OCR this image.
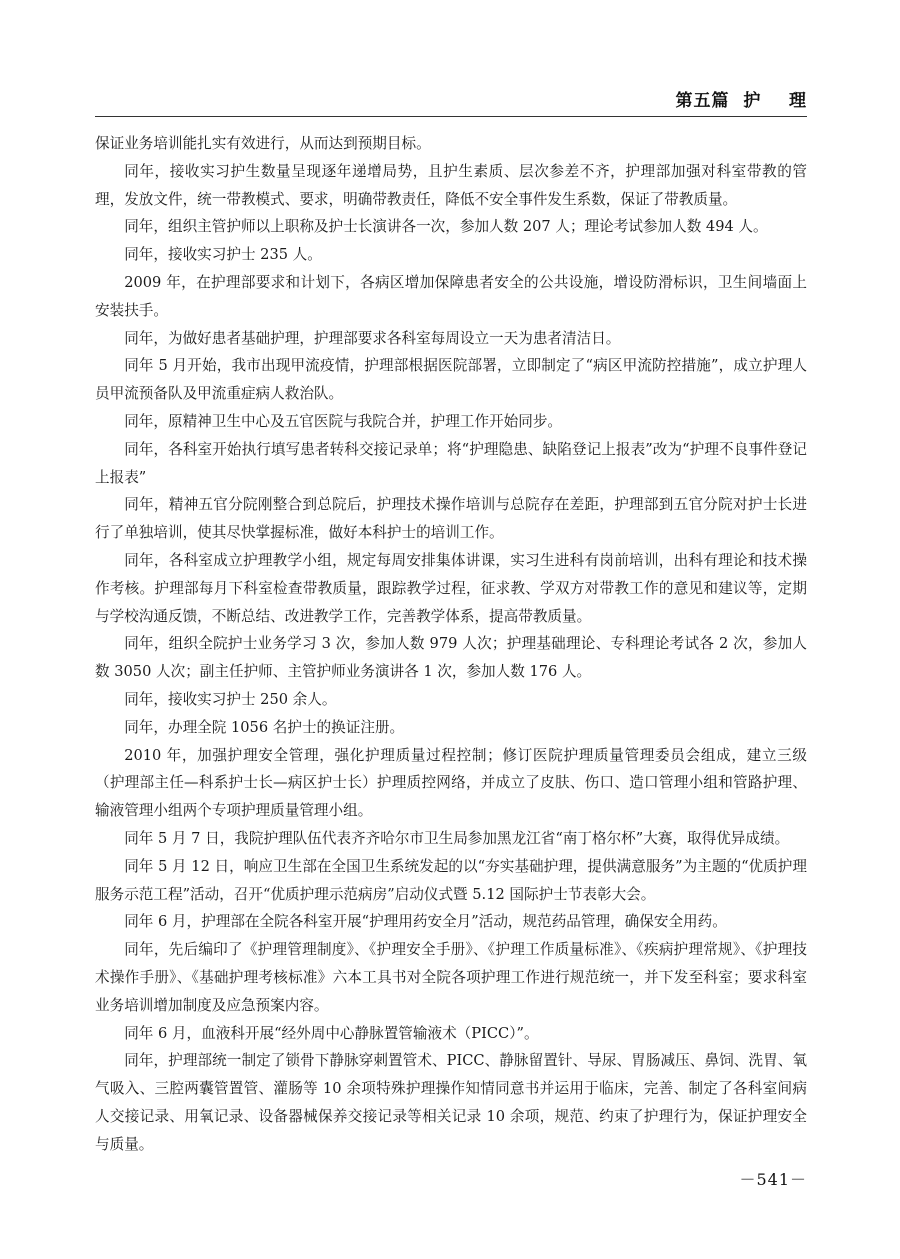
第五篇  护    理

保证业务培训能扎实有效进行，从而达到预期目标。

同年，接收实习护生数量呈现逐年递增局势，且护生素质、层次参差不齐，护理部加强对科室带教的管理，发放文件，统一带教模式、要求，明确带教责任，降低不安全事件发生系数，保证了带教质量。

同年，组织主管护师以上职称及护士长演讲各一次，参加人数 207 人；理论考试参加人数 494 人。

同年，接收实习护士 235 人。

2009 年，在护理部要求和计划下，各病区增加保障患者安全的公共设施，增设防滑标识，卫生间墙面上安装扶手。

同年，为做好患者基础护理，护理部要求各科室每周设立一天为患者清洁日。

同年 5 月开始，我市出现甲流疫情，护理部根据医院部署，立即制定了“病区甲流防控措施”，成立护理人员甲流预备队及甲流重症病人救治队。

同年，原精神卫生中心及五官医院与我院合并，护理工作开始同步。

同年，各科室开始执行填写患者转科交接记录单；将“护理隐患、缺陷登记上报表”改为“护理不良事件登记上报表”

同年，精神五官分院刚整合到总院后，护理技术操作培训与总院存在差距，护理部到五官分院对护士长进行了单独培训，使其尽快掌握标准，做好本科护士的培训工作。

同年，各科室成立护理教学小组，规定每周安排集体讲课，实习生进科有岗前培训，出科有理论和技术操作考核。护理部每月下科室检查带教质量，跟踪教学过程，征求教、学双方对带教工作的意见和建议等，定期与学校沟通反馈，不断总结、改进教学工作，完善教学体系，提高带教质量。

同年，组织全院护士业务学习 3 次，参加人数 979 人次；护理基础理论、专科理论考试各 2 次，参加人数 3050 人次；副主任护师、主管护师业务演讲各 1 次，参加人数 176 人。

同年，接收实习护士 250 余人。

同年，办理全院 1056 名护士的换证注册。

2010 年，加强护理安全管理，强化护理质量过程控制；修订医院护理质量管理委员会组成，建立三级（护理部主任—科系护士长—病区护士长）护理质控网络，并成立了皮肤、伤口、造口管理小组和管路护理、输液管理小组两个专项护理质量管理小组。

同年 5 月 7 日，我院护理队伍代表齐齐哈尔市卫生局参加黑龙江省“南丁格尔杯”大赛，取得优异成绩。

同年 5 月 12 日，响应卫生部在全国卫生系统发起的以“夯实基础护理，提供满意服务”为主题的“优质护理服务示范工程”活动，召开“优质护理示范病房”启动仪式暨 5.12 国际护士节表彰大会。

同年 6 月，护理部在全院各科室开展“护理用药安全月”活动，规范药品管理，确保安全用药。

同年，先后编印了《护理管理制度》、《护理安全手册》、《护理工作质量标准》、《疾病护理常规》、《护理技术操作手册》、《基础护理考核标准》六本工具书对全院各项护理工作进行规范统一，并下发至科室；要求科室业务培训增加制度及应急预案内容。

同年 6 月，血液科开展“经外周中心静脉置管输液术（PICC）”。

同年，护理部统一制定了锁骨下静脉穿刺置管术、PICC、静脉留置针、导尿、胃肠减压、鼻饲、洗胃、氧气吸入、三腔两囊管置管、灌肠等 10 余项特殊护理操作知情同意书并运用于临床，完善、制定了各科室间病人交接记录、用氧记录、设备器械保养交接记录等相关记录 10 余项，规范、约束了护理行为，保证护理安全与质量。

－541－
